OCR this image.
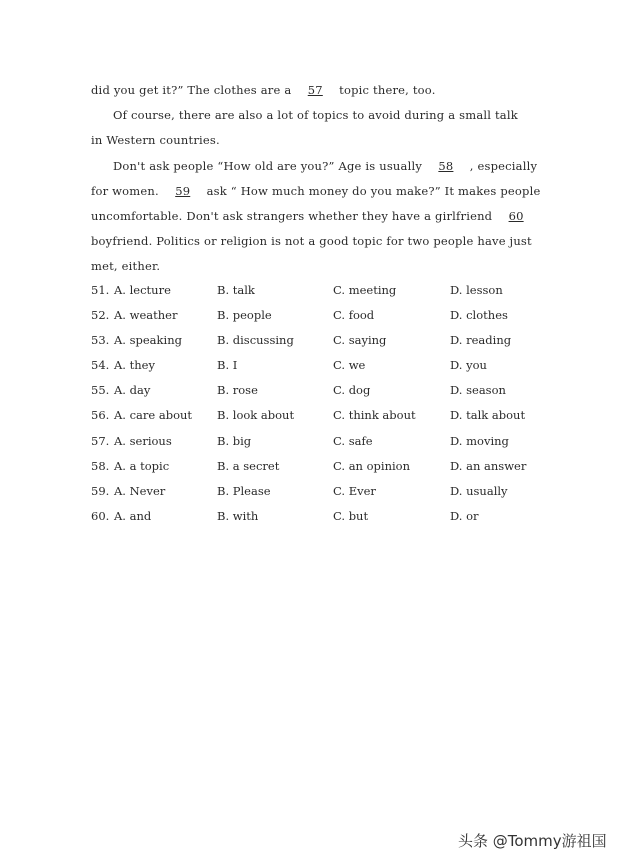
did you get it?” The clothes are a 57 topic there, too.
Of course, there are also a lot of topics to avoid during a small talk
in Western countries.
Don't ask people “How old are you?” Age is usually 58 , especially
for women. 59 ask “ How much money do you make?” It makes people
uncomfortable. Don't ask strangers whether they have a girlfriend 60
boyfriend. Politics or religion is not a good topic for two people have just
met, either.
51. A. lecture	B. talk	C. meeting	D. lesson
52. A. weather	B. people	C. food	D. clothes
53. A. speaking	B. discussing	C. saying	D. reading
54. A. they	B. I	C. we	D. you
55. A. day	B. rose	C. dog	D. season
56. A. care about B. look about	C. think about	D. talk about
57. A. serious	B. big	C. safe	D. moving
58. A. a topic	B. a secret	C. an opinion	D. an answer
59. A. Never	B. Please	C. Ever	D. usually
60. A. and	B. with	C. but	D. or
头条 @Tommy游祖国
